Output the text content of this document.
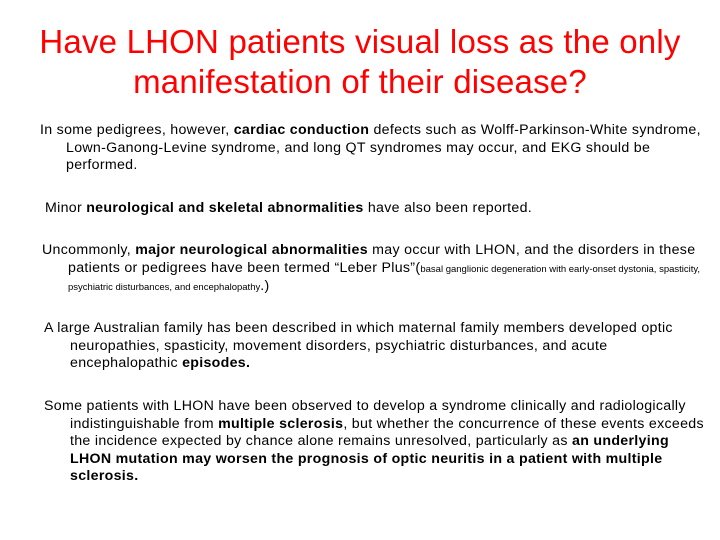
Have LHON patients visual loss as the only manifestation of their disease?
In some pedigrees, however, cardiac conduction defects such as Wolff-Parkinson-White syndrome, Lown-Ganong-Levine syndrome, and long QT syndromes may occur, and EKG should be performed.
Minor neurological and skeletal abnormalities have also been reported.
Uncommonly, major neurological abnormalities may occur with LHON, and the disorders in these patients or pedigrees have been termed “Leber Plus”(basal ganglionic degeneration with early-onset dystonia, spasticity, psychiatric disturbances, and encephalopathy.)
A large Australian family has been described in which maternal family members developed optic neuropathies, spasticity, movement disorders, psychiatric disturbances, and acute encephalopathic episodes.
Some patients with LHON have been observed to develop a syndrome clinically and radiologically indistinguishable from multiple sclerosis, but whether the concurrence of these events exceeds the incidence expected by chance alone remains unresolved, particularly as an underlying LHON mutation may worsen the prognosis of optic neuritis in a patient with multiple sclerosis.
